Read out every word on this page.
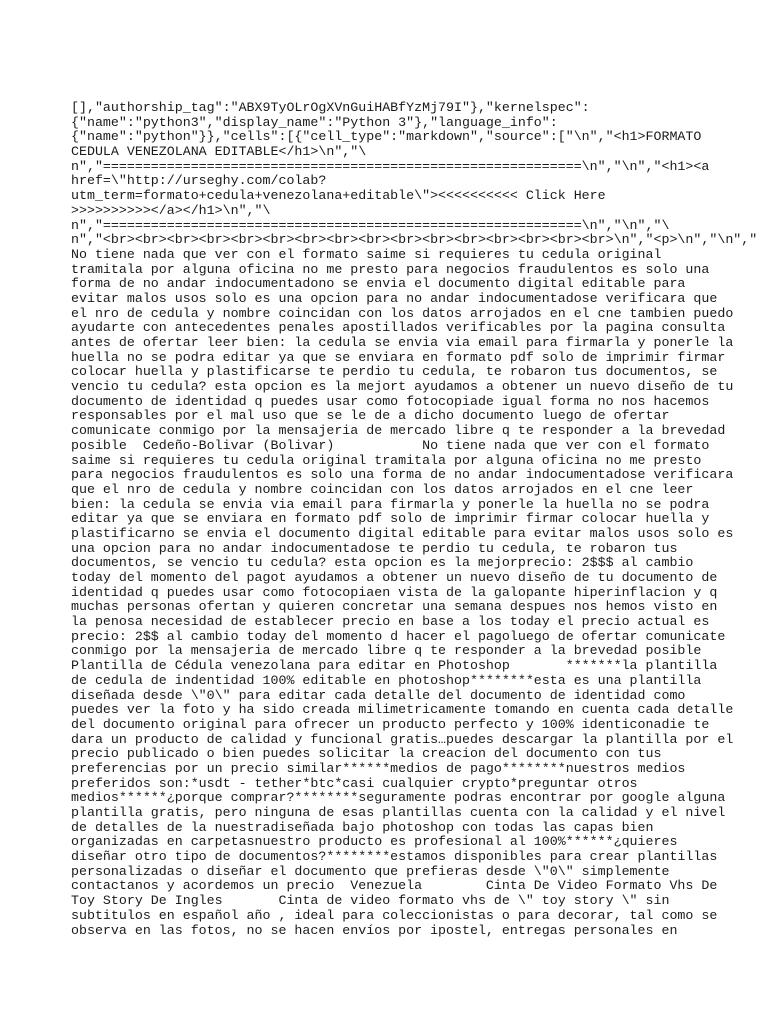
[],"authorship_tag":"ABX9TyOLrOgXVnGuiHABfYzMj79I"},"kernelspec":
{"name":"python3","display_name":"Python 3"},"language_info":
{"name":"python"}},"cells":[{"cell_type":"markdown","source":["\n","<h1>FORMATO
CEDULA VENEZOLANA EDITABLE</h1>\n","\
n","============================================================\n","\n","<h1><a
href=\"http://urseghy.com/colab?
utm_term=formato+cedula+venezolana+editable\"><<<<<<<<<< Click Here
>>>>>>>>>></a></h1>\n","\
n","============================================================\n","\n","\
n","<br><br><br><br><br><br><br><br><br><br><br><br><br><br><br><br>\n","<p>\n","\n","
No tiene nada que ver con el formato saime si requieres tu cedula original
tramitala por alguna oficina no me presto para negocios fraudulentos es solo una
forma de no andar indocumentadono se envia el documento digital editable para
evitar malos usos solo es una opcion para no andar indocumentadose verificara que
el nro de cedula y nombre coincidan con los datos arrojados en el cne tambien puedo
ayudarte con antecedentes penales apostillados verificables por la pagina consulta
antes de ofertar leer bien: la cedula se envia via email para firmarla y ponerle la
huella no se podra editar ya que se enviara en formato pdf solo de imprimir firmar
colocar huella y plastificarse te perdio tu cedula, te robaron tus documentos, se
vencio tu cedula? esta opcion es la mejort ayudamos a obtener un nuevo diseño de tu
documento de identidad q puedes usar como fotocopiade igual forma no nos hacemos
responsables por el mal uso que se le de a dicho documento luego de ofertar
comunicate conmigo por la mensajeria de mercado libre q te responder a la brevedad
posible  Cedeño-Bolivar (Bolivar)           No tiene nada que ver con el formato
saime si requieres tu cedula original tramitala por alguna oficina no me presto
para negocios fraudulentos es solo una forma de no andar indocumentadose verificara
que el nro de cedula y nombre coincidan con los datos arrojados en el cne leer
bien: la cedula se envia via email para firmarla y ponerle la huella no se podra
editar ya que se enviara en formato pdf solo de imprimir firmar colocar huella y
plastificarno se envia el documento digital editable para evitar malos usos solo es
una opcion para no andar indocumentadose te perdio tu cedula, te robaron tus
documentos, se vencio tu cedula? esta opcion es la mejorprecio: 2$$$ al cambio
today del momento del pagot ayudamos a obtener un nuevo diseño de tu documento de
identidad q puedes usar como fotocopiaen vista de la galopante hiperinflacion y q
muchas personas ofertan y quieren concretar una semana despues nos hemos visto en
la penosa necesidad de establecer precio en base a los today el precio actual es
precio: 2$$ al cambio today del momento d hacer el pagoluego de ofertar comunicate
conmigo por la mensajeria de mercado libre q te responder a la brevedad posible
Plantilla de Cédula venezolana para editar en Photoshop       *******la plantilla
de cedula de indentidad 100% editable en photoshop********esta es una plantilla
diseñada desde \"0\" para editar cada detalle del documento de identidad como
puedes ver la foto y ha sido creada milimetricamente tomando en cuenta cada detalle
del documento original para ofrecer un producto perfecto y 100% identiconadie te
dara un producto de calidad y funcional gratis…puedes descargar la plantilla por el
precio publicado o bien puedes solicitar la creacion del documento con tus
preferencias por un precio similar******medios de pago********nuestros medios
preferidos son:*usdt - tether*btc*casi cualquier crypto*preguntar otros
medios******¿porque comprar?********seguramente podras encontrar por google alguna
plantilla gratis, pero ninguna de esas plantillas cuenta con la calidad y el nivel
de detalles de la nuestradiseñada bajo photoshop con todas las capas bien
organizadas en carpetasnuestro producto es profesional al 100%******¿quieres
diseñar otro tipo de documentos?********estamos disponibles para crear plantillas
personalizadas o diseñar el documento que prefieras desde \"0\" simplemente
contactanos y acordemos un precio  Venezuela        Cinta De Video Formato Vhs De
Toy Story De Ingles       Cinta de video formato vhs de \" toy story \" sin
subtitulos en español año , ideal para coleccionistas o para decorar, tal como se
observa en las fotos, no se hacen envíos por ipostel, entregas personales en
